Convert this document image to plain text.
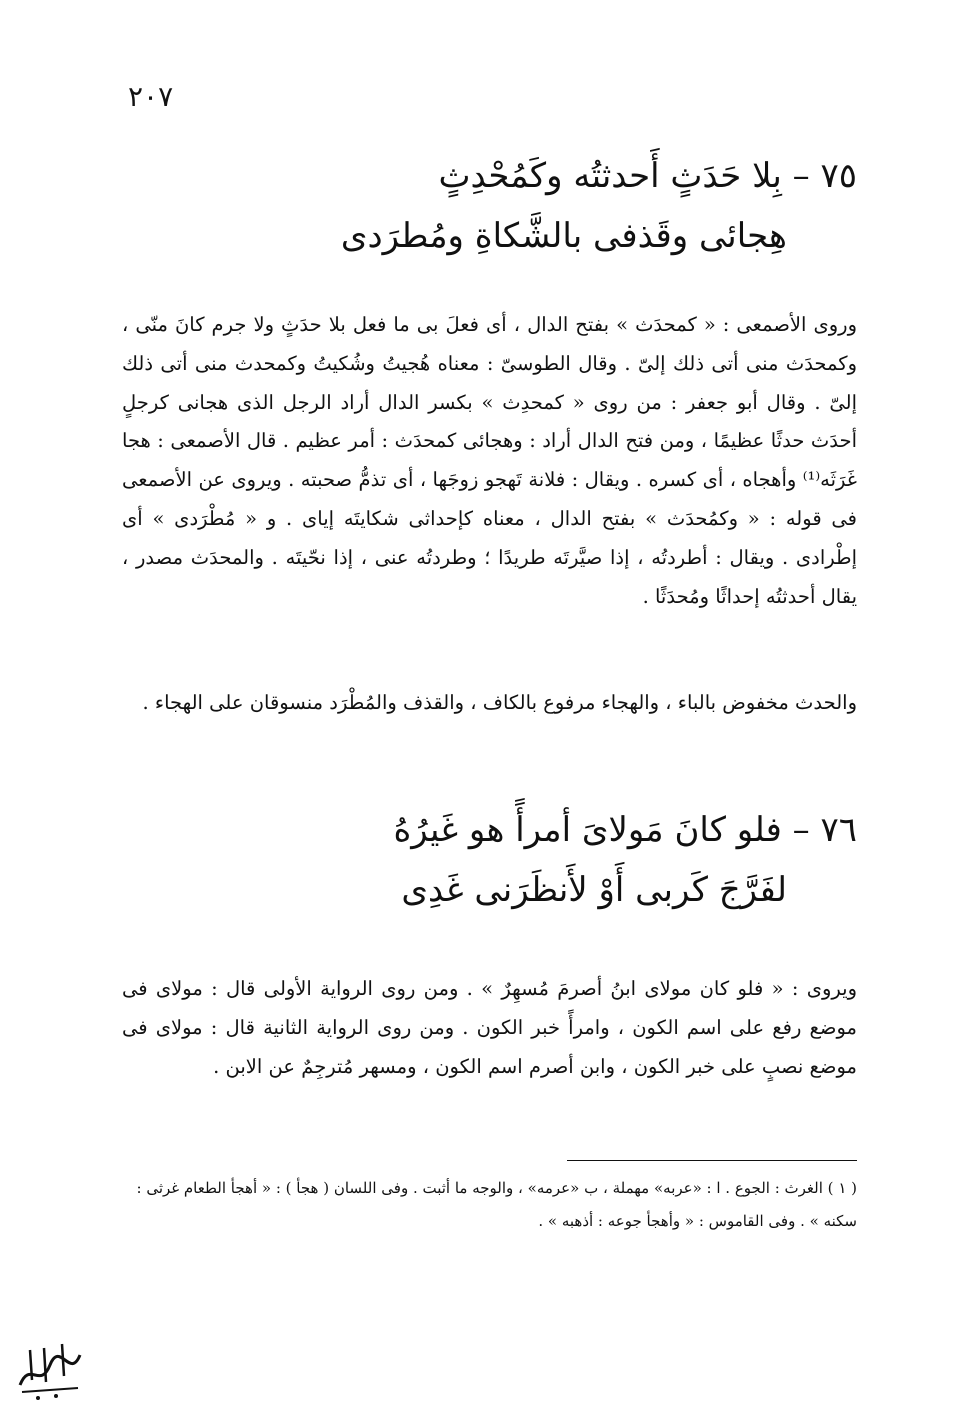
٢٠٧
٧٥ – بِلا حَدَثٍ أَحدثتُه وكَمُحْدِثٍ
هِجائى وقَذفى بالشَّكاةِ ومُطرَدى

وروى الأصمعى : « كمحدَث » بفتح الدال ، أى فعلَ بى ما فعل بلا حدَثٍ ولا جرم كانَ منّى ، وكمحدَث منى أتى ذلك إلىّ . وقال الطوسىّ : معناه هُجيتُ وشُكيتُ وكمحدث منى أتى ذلك إلىّ . وقال أبو جعفر : من روى « كمحدِث » بكسر الدال أراد الرجل الذى هجانى كرجلٍ أحدَث حدثًا عظيمًا ، ومن فتح الدال أراد : وهجائى كمحدَث : أمر عظيم . قال الأصمعى : هجا غَرَثَه⁽¹⁾ وأهجاه ، أى كسره . ويقال : فلانة تَهجو زوجَها ، أى تذمُّ صحبته . ويروى عن الأصمعى فى قوله : « وكمُحدَث » بفتح الدال ، معناه كإحداثى شكايتَه إياى . و « مُطْرَدى » أى إطْرادى . ويقال : أطردتُه ، إذا صيَّرتَه طريدًا ؛ وطردتُه عنى ، إذا نحّيتَه . والمحدَث مصدر ، يقال أحدثتُه إحداثًا ومُحدَثًا .

والحدث مخفوض بالباء ، والهجاء مرفوع بالكاف ، والقذف والمُطْرَد منسوقان على الهجاء .

٧٦ – فلو كانَ مَولاىَ أمرأً هو غَيرُهُ
لفَرَّجَ كَربى أَوْ لأَنظَرَنى غَدِى

ويروى : « فلو كان مولاى ابنُ أصرمَ مُسهِرٌ » . ومن روى الرواية الأولى قال : مولاى فى موضع رفع على اسم الكون ، وامرأً خبر الكون . ومن روى الرواية الثانية قال : مولاى فى موضع نصبٍ على خبر الكون ، وابن أصرم اسم الكون ، ومسهر مُترجِمٌ عن الابن .

( ١ ) الغرث : الجوع . ا : «عربه» مهملة ، ب «عرمه» ، والوجه ما أثبت . وفى اللسان ( هجأ ) : « أهجأ الطعام غرثى : سكنه » . وفى القاموس : « وأهجأ جوعه : أذهبه » .
